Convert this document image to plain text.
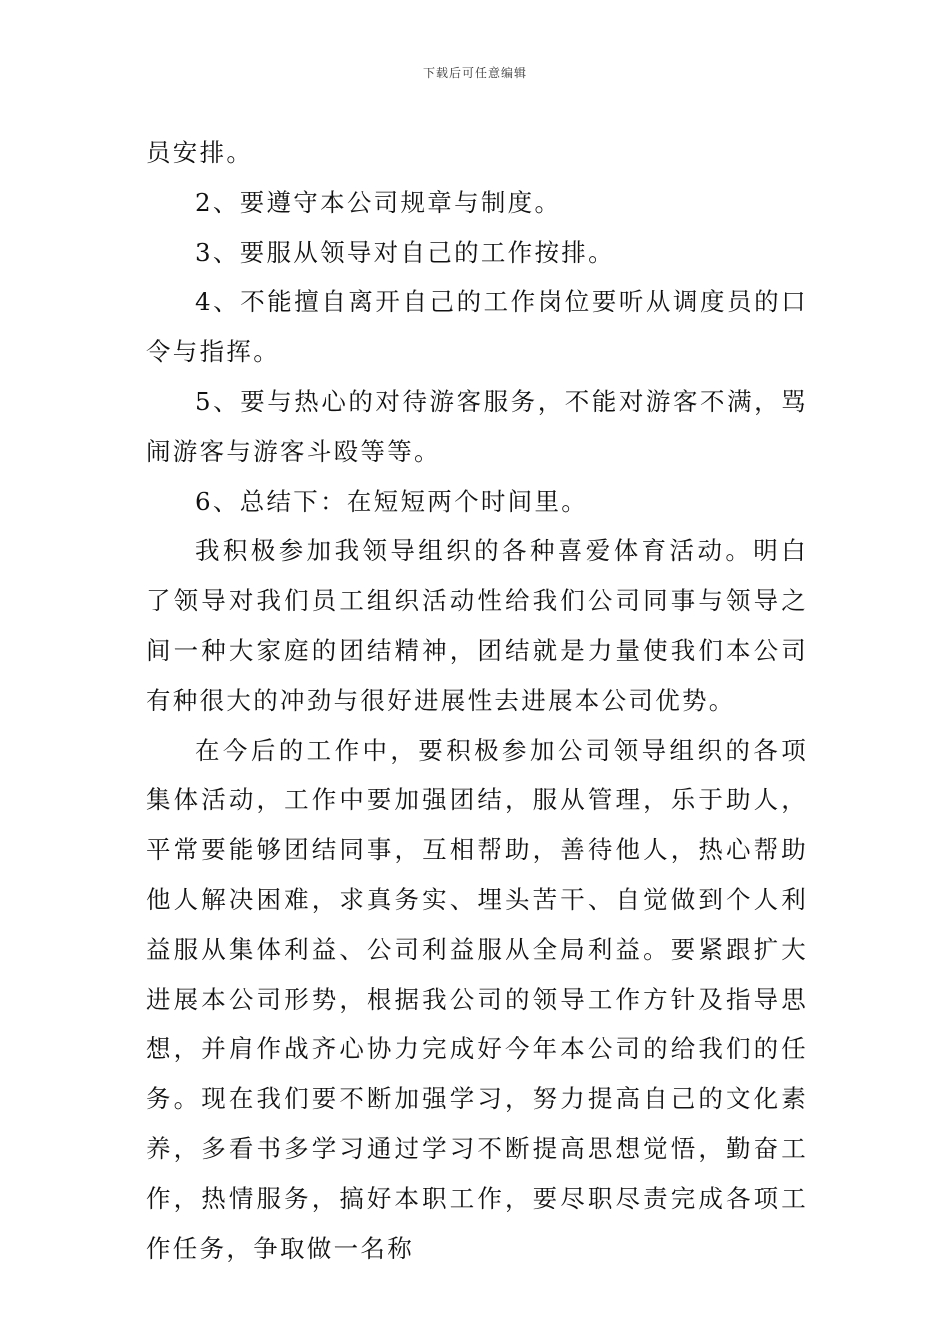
下载后可任意编辑

员安排。

2、要遵守本公司规章与制度。

3、要服从领导对自己的工作按排。

4、不能擅自离开自己的工作岗位要听从调度员的口令与指挥。

5、要与热心的对待游客服务，不能对游客不满，骂闹游客与游客斗殴等等。

6、总结下：在短短两个时间里。

我积极参加我领导组织的各种喜爱体育活动。明白了领导对我们员工组织活动性给我们公司同事与领导之间一种大家庭的团结精神，团结就是力量使我们本公司有种很大的冲劲与很好进展性去进展本公司优势。

在今后的工作中，要积极参加公司领导组织的各项集体活动，工作中要加强团结，服从管理，乐于助人，平常要能够团结同事，互相帮助，善待他人，热心帮助他人解决困难，求真务实、埋头苦干、自觉做到个人利益服从集体利益、公司利益服从全局利益。要紧跟扩大进展本公司形势，根据我公司的领导工作方针及指导思想，并肩作战齐心协力完成好今年本公司的给我们的任务。现在我们要不断加强学习，努力提高自己的文化素养，多看书多学习通过学习不断提高思想觉悟，勤奋工作，热情服务，搞好本职工作，要尽职尽责完成各项工作任务，争取做一名称
